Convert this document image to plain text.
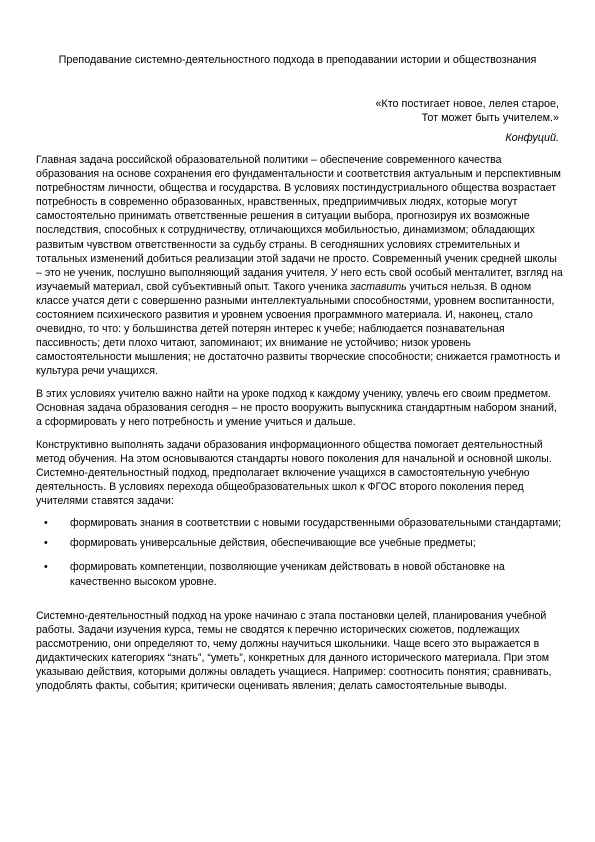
Преподавание системно-деятельностного подхода в преподавании истории и обществознания
«Кто постигает новое, лелея старое,
Тот может быть учителем.»
Конфуций.

Главная задача российской образовательной политики – обеспечение современного качества образования на основе сохранения его фундаментальности и соответствия актуальным и перспективным потребностям личности, общества и государства. В условиях постиндустриального общества возрастает потребность в современно образованных, нравственных, предприимчивых людях, которые могут самостоятельно принимать ответственные решения в ситуации выбора, прогнозируя их возможные последствия, способных к сотрудничеству, отличающихся мобильностью, динамизмом; обладающих развитым чувством ответственности за судьбу страны. В сегодняшних условиях стремительных и тотальных изменений добиться реализации этой задачи не просто. Современный ученик средней школы – это не ученик, послушно выполняющий задания учителя. У него есть свой особый менталитет, взгляд на изучаемый материал, свой субъективный опыт. Такого ученика заставить учиться нельзя. В одном классе учатся дети с совершенно разными интеллектуальными способностями, уровнем воспитанности, состоянием психического развития и уровнем усвоения программного материала. И, наконец, стало очевидно, то что: у большинства детей потерян интерес к учебе; наблюдается познавательная пассивность; дети плохо читают, запоминают; их внимание не устойчиво; низок уровень самостоятельности мышления; не достаточно развиты творческие способности; снижается грамотность и культура речи учащихся.

В этих условиях учителю важно найти на уроке подход к каждому ученику, увлечь его своим предметом. Основная задача образования сегодня – не просто вооружить выпускника стандартным набором знаний, а сформировать у него потребность и умение учиться и дальше.

Конструктивно выполнять задачи образования информационного общества помогает деятельностный метод обучения. На этом основываются стандарты нового поколения для начальной и основной школы. Системно-деятельностный подход, предполагает включение учащихся в самостоятельную учебную деятельность. В условиях перехода общеобразовательных школ к ФГОС второго поколения перед учителями ставятся задачи:

• формировать знания в соответствии с новыми государственными образовательными стандартами;
• формировать универсальные действия, обеспечивающие все учебные предметы;
• формировать компетенции, позволяющие ученикам действовать в новой обстановке на качественно высоком уровне.

Системно-деятельностный подход на уроке начинаю с этапа постановки целей, планирования учебной работы. Задачи изучения курса, темы не сводятся к перечню исторических сюжетов, подлежащих рассмотрению, они определяют то, чему должны научиться школьники. Чаще всего это выражается в дидактических категориях “знать”, “уметь”, конкретных для данного исторического материала. При этом указываю действия, которыми должны овладеть учащиеся. Например: соотносить понятия; сравнивать, уподоблять факты, события; критически оценивать явления; делать самостоятельные выводы.
